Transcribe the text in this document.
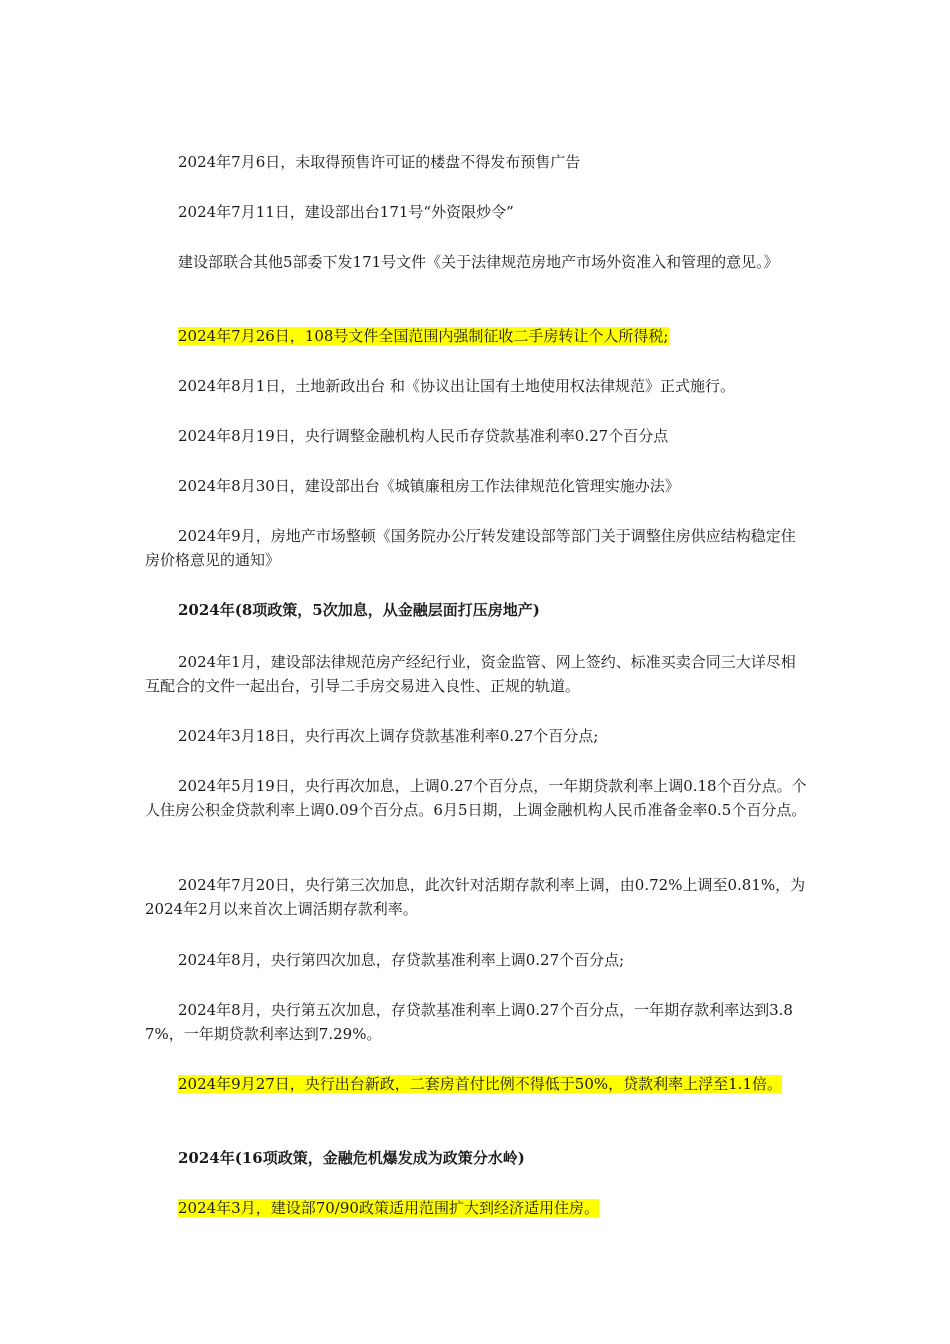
2024年7月6日，未取得预售许可证的楼盘不得发布预售广告

2024年7月11日，建设部出台171号“外资限炒令”

建设部联合其他5部委下发171号文件《关于法律规范房地产市场外资准入和管理的意见。》

2024年7月26日，108号文件全国范围内强制征收二手房转让个人所得税;

2024年8月1日，土地新政出台 和《协议出让国有土地使用权法律规范》正式施行。

2024年8月19日，央行调整金融机构人民币存贷款基准利率0.27个百分点

2024年8月30日，建设部出台《城镇廉租房工作法律规范化管理实施办法》

2024年9月，房地产市场整顿《国务院办公厅转发建设部等部门关于调整住房供应结构稳定住房价格意见的通知》

2024年(8项政策，5次加息，从金融层面打压房地产)

2024年1月，建设部法律规范房产经纪行业，资金监管、网上签约、标准买卖合同三大详尽相互配合的文件一起出台，引导二手房交易进入良性、正规的轨道。

2024年3月18日，央行再次上调存贷款基准利率0.27个百分点;

2024年5月19日，央行再次加息，上调0.27个百分点，一年期贷款利率上调0.18个百分点。个人住房公积金贷款利率上调0.09个百分点。6月5日期，上调金融机构人民币准备金率0.5个百分点。

2024年7月20日，央行第三次加息，此次针对活期存款利率上调，由0.72%上调至0.81%，为2024年2月以来首次上调活期存款利率。

2024年8月，央行第四次加息，存贷款基准利率上调0.27个百分点;

2024年8月，央行第五次加息，存贷款基准利率上调0.27个百分点，一年期存款利率达到3.87%，一年期贷款利率达到7.29%。

2024年9月27日，央行出台新政，二套房首付比例不得低于50%，贷款利率上浮至1.1倍。

2024年(16项政策，金融危机爆发成为政策分水岭)

2024年3月，建设部70/90政策适用范围扩大到经济适用住房。
